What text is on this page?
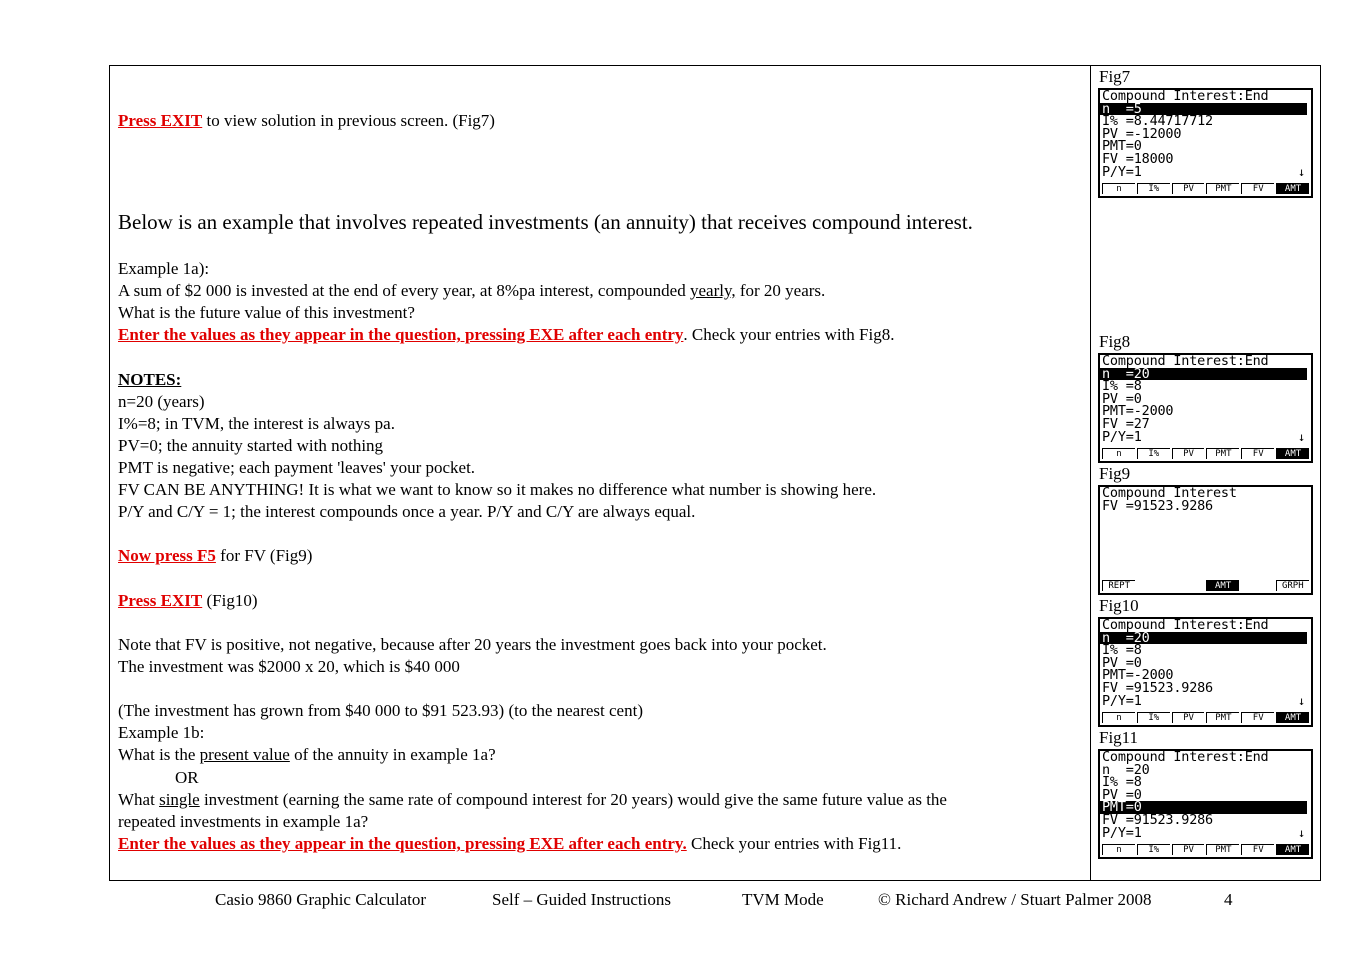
Press EXIT to view solution in previous screen. (Fig7)
Below is an example that involves repeated investments (an annuity) that receives compound interest.
Example 1a):
A sum of $2 000 is invested at the end of every year, at 8%pa interest, compounded yearly, for 20 years.
What is the future value of this investment?
Enter the values as they appear in the question, pressing EXE after each entry. Check your entries with Fig8.
NOTES:
n=20 (years)
I%=8; in TVM, the interest is always pa.
PV=0; the annuity started with nothing
PMT is negative; each payment 'leaves' your pocket.
FV CAN BE ANYTHING! It is what we want to know so it makes no difference what number is showing here.
P/Y and C/Y = 1; the interest compounds once a year. P/Y and C/Y are always equal.
Now press F5 for FV (Fig9)
Press EXIT (Fig10)
Note that FV is positive, not negative, because after 20 years the investment goes back into your pocket.
The investment was $2000 x 20, which is $40 000
(The investment has grown from $40 000 to $91 523.93) (to the nearest cent)
Example 1b:
What is the present value of the annuity in example 1a?
OR
What single investment (earning the same rate of compound interest for 20 years) would give the same future value as the
repeated investments in example 1a?
Enter the values as they appear in the question, pressing EXE after each entry. Check your entries with Fig11.
Fig7
Compound Interest:End
n  =5
I% =8.44717712
PV =-12000
PMT=0
FV =18000
P/Y=1	↓
n	I%	PV	PMT	FV	AMT
Fig8
Compound Interest:End
n  =20
I% =8
PV =0
PMT=-2000
FV =27
P/Y=1	↓
n	I%	PV	PMT	FV	AMT
Fig9
Compound Interest
FV =91523.9286
REPT	AMT	GRPH
Fig10
Compound Interest:End
n  =20
I% =8
PV =0
PMT=-2000
FV =91523.9286
P/Y=1	↓
n	I%	PV	PMT	FV	AMT
Fig11
Compound Interest:End
n  =20
I% =8
PV =0
PMT=0
FV =91523.9286
P/Y=1	↓
n	I%	PV	PMT	FV	AMT
Casio 9860 Graphic Calculator	Self – Guided Instructions	TVM Mode	© Richard Andrew / Stuart Palmer 2008	4
